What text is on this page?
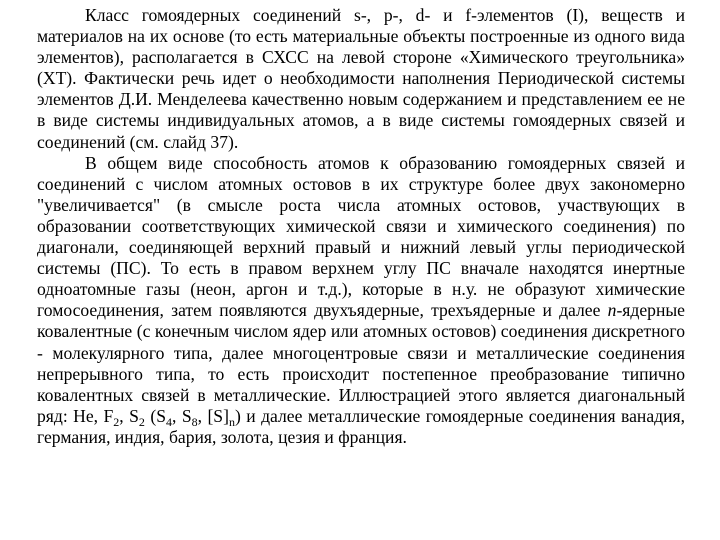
Класс гомоядерных соединений s-, p-, d- и f-элементов (I), веществ и материалов на их основе (то есть материальные объекты построенные из одного вида элементов), располагается в СХСС на левой стороне «Химического треугольника» (ХТ). Фактически речь идет о необходимости наполнения Периодической системы элементов Д.И. Менделеева качественно новым содержанием и представлением ее не в виде системы индивидуальных атомов, а в виде системы гомоядерных связей и соединений (см. слайд 37).

В общем виде способность атомов к образованию гомоядерных связей и соединений с числом атомных остовов в их структуре более двух закономерно "увеличивается" (в смысле роста числа атомных остовов, участвующих в образовании соответствующих химической связи и химического соединения) по диагонали, соединяющей верхний правый и нижний левый углы периодической системы (ПС). То есть в правом верхнем углу ПС вначале находятся инертные одноатомные газы (неон, аргон и т.д.), которые в н.у. не образуют химические гомосоединения, затем появляются двухъядерные, трехъядерные и далее n-ядерные ковалентные (с конечным числом ядер или атомных остовов) соединения дискретного - молекулярного типа, далее многоцентровые связи и металлические соединения непрерывного типа, то есть происходит постепенное преобразование типично ковалентных связей в металлические. Иллюстрацией этого является диагональный ряд: He, $F_2$, $S_2$ ($S_4$, $S_8$, $[S]_n$) и далее металлические гомоядерные соединения ванадия, германия, индия, бария, золота, цезия и франция.
